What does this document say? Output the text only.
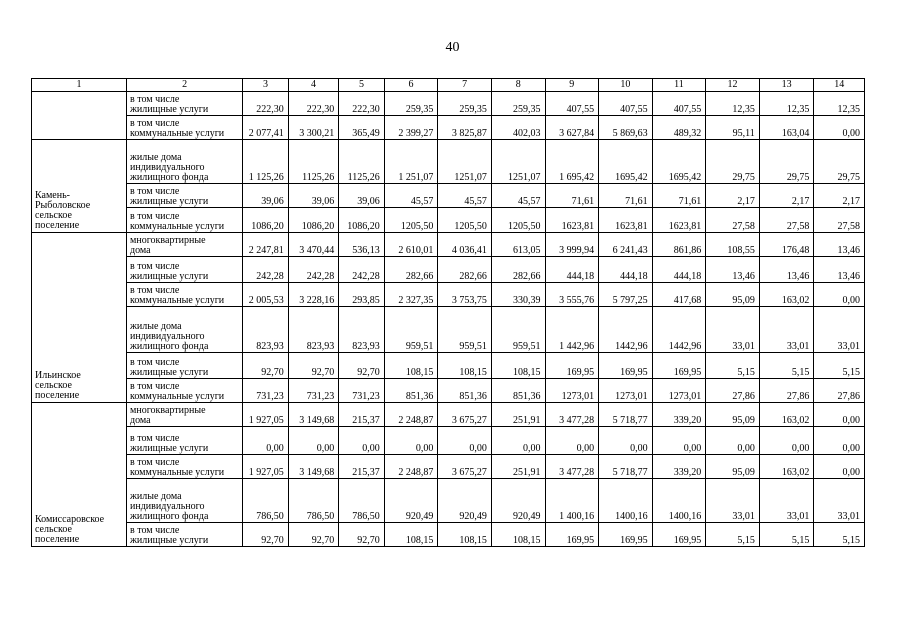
40
1	2	3	4	5	6	7	8	9	10	11	12	13	14
	в том числе
жилищные услуги	222,30	222,30	222,30	259,35	259,35	259,35	407,55	407,55	407,55	12,35	12,35	12,35
	в том числе
коммунальные услуги	2 077,41	3 300,21	365,49	2 399,27	3 825,87	402,03	3 627,84	5 869,63	489,32	95,11	163,04	0,00
Камень-
Рыболовское
сельское
поселение	жилые дома
индивидуального
жилищного фонда	1 125,26	1125,26	1125,26	1 251,07	1251,07	1251,07	1 695,42	1695,42	1695,42	29,75	29,75	29,75
	в том числе
жилищные услуги	39,06	39,06	39,06	45,57	45,57	45,57	71,61	71,61	71,61	2,17	2,17	2,17
	в том числе
коммунальные услуги	1086,20	1086,20	1086,20	1205,50	1205,50	1205,50	1623,81	1623,81	1623,81	27,58	27,58	27,58
Ильинское
сельское
поселение	многоквартирные
дома	2 247,81	3 470,44	536,13	2 610,01	4 036,41	613,05	3 999,94	6 241,43	861,86	108,55	176,48	13,46
	в том числе
жилищные услуги	242,28	242,28	242,28	282,66	282,66	282,66	444,18	444,18	444,18	13,46	13,46	13,46
	в том числе
коммунальные услуги	2 005,53	3 228,16	293,85	2 327,35	3 753,75	330,39	3 555,76	5 797,25	417,68	95,09	163,02	0,00
	жилые дома
индивидуального
жилищного фонда	823,93	823,93	823,93	959,51	959,51	959,51	1 442,96	1442,96	1442,96	33,01	33,01	33,01
	в том числе
жилищные услуги	92,70	92,70	92,70	108,15	108,15	108,15	169,95	169,95	169,95	5,15	5,15	5,15
	в том числе
коммунальные услуги	731,23	731,23	731,23	851,36	851,36	851,36	1273,01	1273,01	1273,01	27,86	27,86	27,86
Комиссаровское
сельское
поселение	многоквартирные
дома	1 927,05	3 149,68	215,37	2 248,87	3 675,27	251,91	3 477,28	5 718,77	339,20	95,09	163,02	0,00
	в том числе
жилищные услуги	0,00	0,00	0,00	0,00	0,00	0,00	0,00	0,00	0,00	0,00	0,00	0,00
	в том числе
коммунальные услуги	1 927,05	3 149,68	215,37	2 248,87	3 675,27	251,91	3 477,28	5 718,77	339,20	95,09	163,02	0,00
	жилые дома
индивидуального
жилищного фонда	786,50	786,50	786,50	920,49	920,49	920,49	1 400,16	1400,16	1400,16	33,01	33,01	33,01
	в том числе
жилищные услуги	92,70	92,70	92,70	108,15	108,15	108,15	169,95	169,95	169,95	5,15	5,15	5,15
